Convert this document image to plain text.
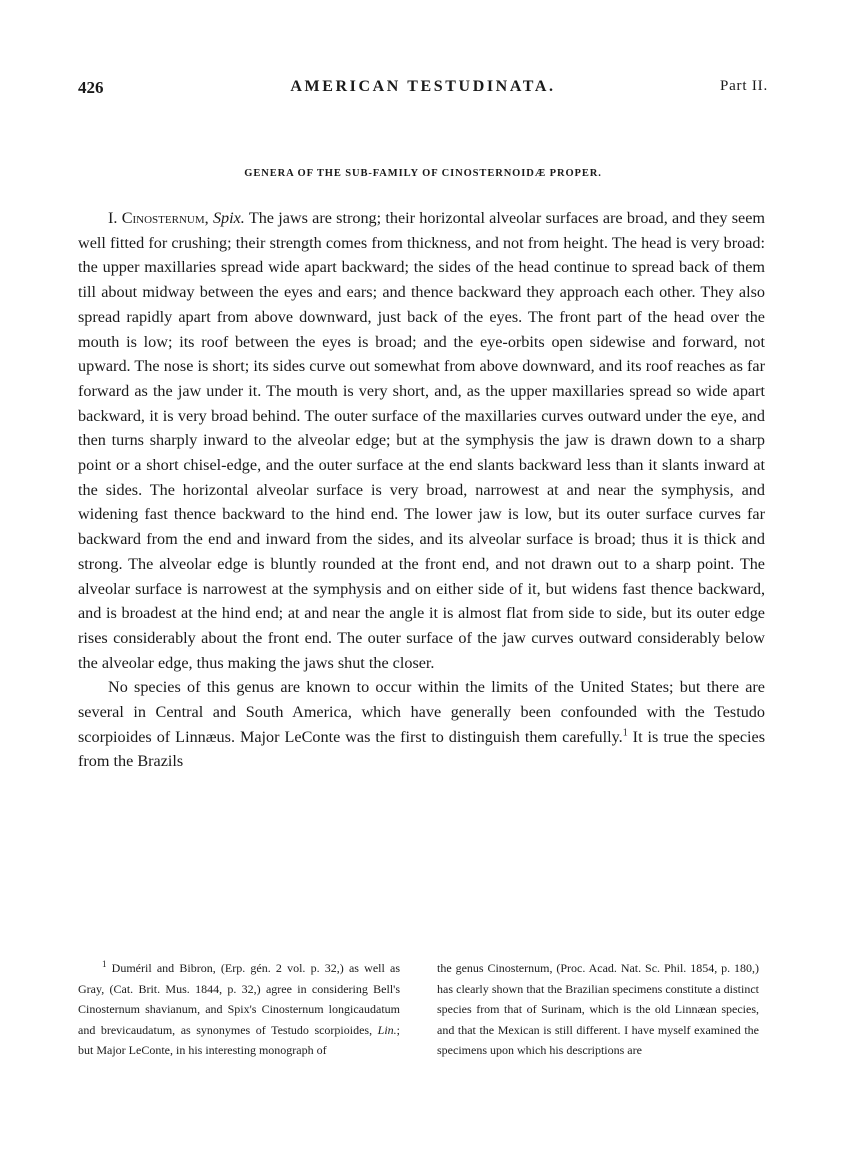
426	AMERICAN TESTUDINATA.	Part II.
GENERA OF THE SUB-FAMILY OF CINOSTERNOIDÆ PROPER.

I. Cinosternum, Spix. The jaws are strong; their horizontal alveolar surfaces are broad, and they seem well fitted for crushing; their strength comes from thickness, and not from height. The head is very broad: the upper maxillaries spread wide apart backward; the sides of the head continue to spread back of them till about midway between the eyes and ears; and thence backward they approach each other. They also spread rapidly apart from above downward, just back of the eyes. The front part of the head over the mouth is low; its roof between the eyes is broad; and the eye-orbits open sidewise and forward, not upward. The nose is short; its sides curve out somewhat from above downward, and its roof reaches as far forward as the jaw under it. The mouth is very short, and, as the upper maxillaries spread so wide apart backward, it is very broad behind. The outer surface of the maxillaries curves outward under the eye, and then turns sharply inward to the alveolar edge; but at the symphysis the jaw is drawn down to a sharp point or a short chisel-edge, and the outer surface at the end slants backward less than it slants inward at the sides. The horizontal alveolar surface is very broad, narrowest at and near the symphysis, and widening fast thence backward to the hind end. The lower jaw is low, but its outer surface curves far backward from the end and inward from the sides, and its alveolar surface is broad; thus it is thick and strong. The alveolar edge is bluntly rounded at the front end, and not drawn out to a sharp point. The alveolar surface is narrowest at the symphysis and on either side of it, but widens fast thence backward, and is broadest at the hind end; at and near the angle it is almost flat from side to side, but its outer edge rises considerably about the front end. The outer surface of the jaw curves outward considerably below the alveolar edge, thus making the jaws shut the closer.

No species of this genus are known to occur within the limits of the United States; but there are several in Central and South America, which have generally been confounded with the Testudo scorpioides of Linnæus. Major LeConte was the first to distinguish them carefully.$^1$ It is true the species from the Brazils

$^1$ Duméril and Bibron, (Erp. gén. 2 vol. p. 32,) as well as Gray, (Cat. Brit. Mus. 1844, p. 32,) agree in considering Bell's Cinosternum shavianum, and Spix's Cinosternum longicaudatum and brevicaudatum, as synonymes of Testudo scorpioides, Lin.; but Major LeConte, in his interesting monograph of
the genus Cinosternum, (Proc. Acad. Nat. Sc. Phil. 1854, p. 180,) has clearly shown that the Brazilian specimens constitute a distinct species from that of Surinam, which is the old Linnæan species, and that the Mexican is still different. I have myself examined the specimens upon which his descriptions are
